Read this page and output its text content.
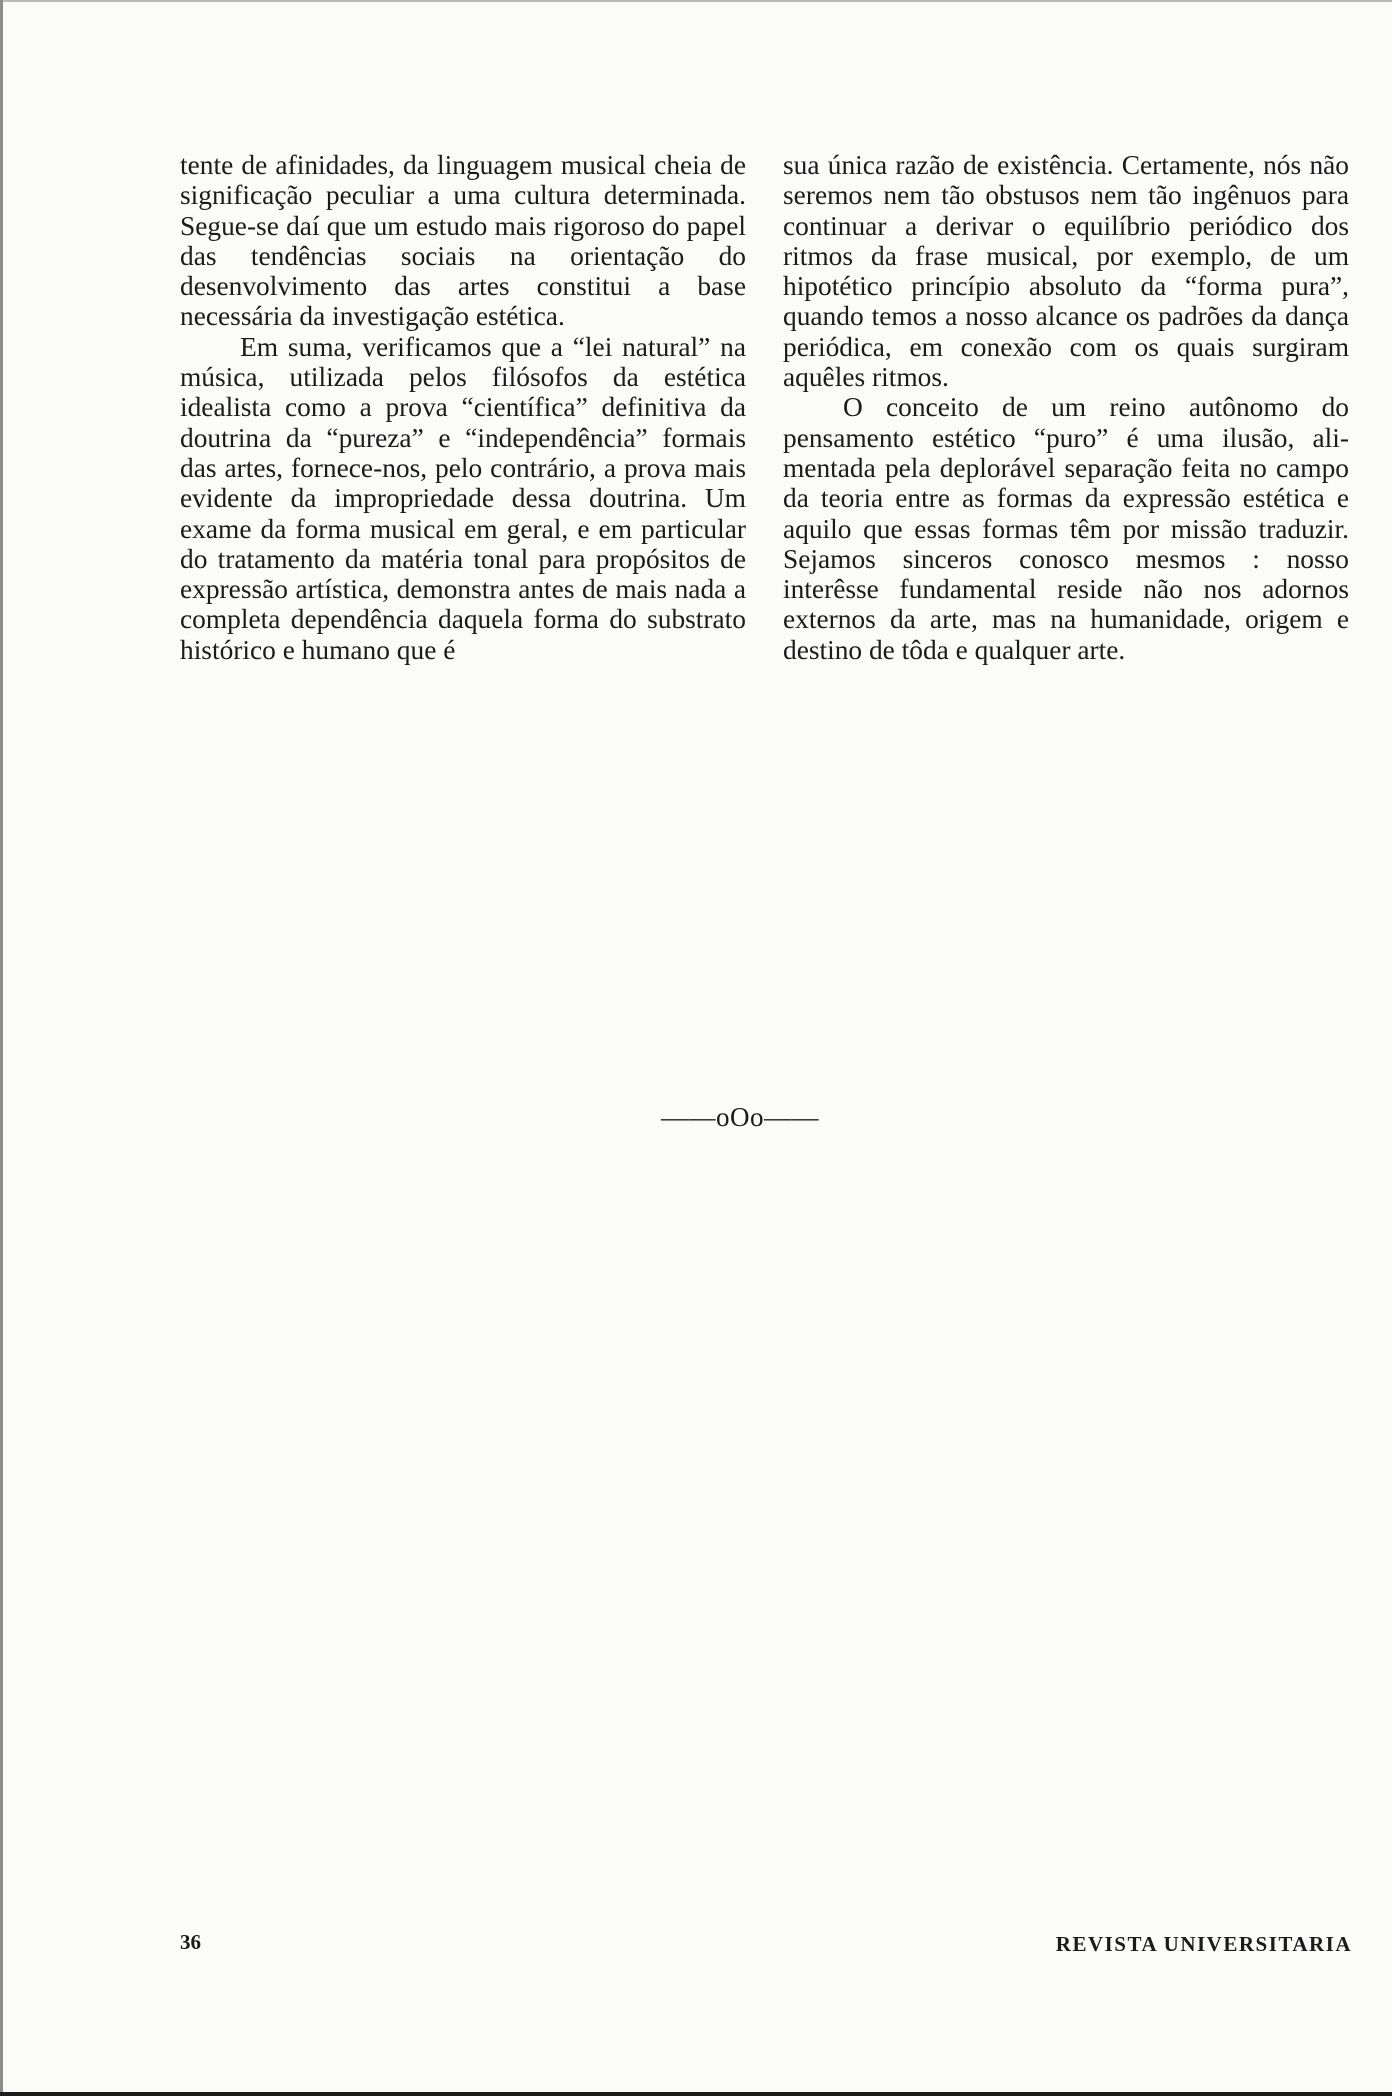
tente de afinidades, da linguagem musical cheia de significação peculiar a uma cultura determinada. Segue-se daí que um estudo mais rigoroso do papel das tendências sociais na orientação do desenvolvimento das artes constitui a base necessária da investigação estética.

Em suma, verificamos que a “lei natural” na música, utilizada pelos filósofos da estética idealista como a prova “científica” definitiva da doutrina da “pureza” e “independência” formais das artes, fornece-nos, pelo contrário, a prova mais evidente da impropriedade dessa doutrina. Um exame da forma musical em geral, e em particular do tratamento da matéria tonal para propósitos de expressão artística, demonstra antes de mais nada a completa dependência daquela forma do substrato histórico e humano que é

sua única razão de existência. Certamente, nós não seremos nem tão obstusos nem tão ingênuos para continuar a derivar o equilíbrio periódico dos ritmos da frase musical, por exemplo, de um hipotético princípio absoluto da “forma pura”, quando temos a nosso alcance os padrões da dança periódica, em conexão com os quais surgiram aquêles ritmos.

O conceito de um reino autônomo do pensamento estético “puro” é uma ilusão, alimentada pela deplorável separação feita no campo da teoria entre as formas da expressão estética e aquilo que essas formas têm por missão traduzir. Sejamos sinceros conosco mesmos : nosso interêsse fundamental reside não nos adornos externos da arte, mas na humanidade, origem e destino de tôda e qualquer arte.

——oOo——
36	REVISTA UNIVERSITARIA
